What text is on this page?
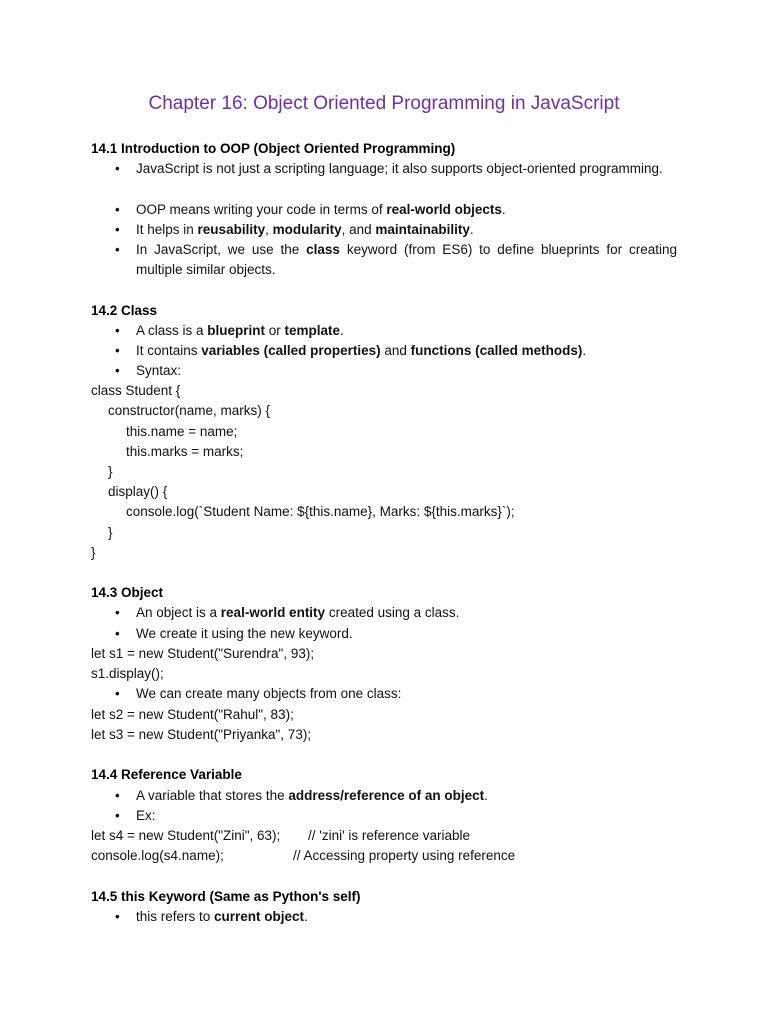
Chapter 16: Object Oriented Programming in JavaScript
14.1 Introduction to OOP (Object Oriented Programming)
•	JavaScript is not just a scripting language; it also supports object-oriented programming.
•	OOP means writing your code in terms of real-world objects.
•	It helps in reusability, modularity, and maintainability.
•	In JavaScript, we use the class keyword (from ES6) to define blueprints for creating multiple similar objects.
14.2 Class
•	A class is a blueprint or template.
•	It contains variables (called properties) and functions (called methods).
•	Syntax:
class Student {
constructor(name, marks) {
this.name = name;
this.marks = marks;
}
display() {
console.log(`Student Name: ${this.name}, Marks: ${this.marks}`);
}
}
14.3 Object
•	An object is a real-world entity created using a class.
•	We create it using the new keyword.
let s1 = new Student("Surendra", 93);
s1.display();
•	We can create many objects from one class:
let s2 = new Student("Rahul", 83);
let s3 = new Student("Priyanka", 73);
14.4 Reference Variable
•	A variable that stores the address/reference of an object.
•	Ex:
let s4 = new Student("Zini", 63); // 'zini' is reference variable
console.log(s4.name);	// Accessing property using reference
14.5 this Keyword (Same as Python's self)
•	this refers to current object.
